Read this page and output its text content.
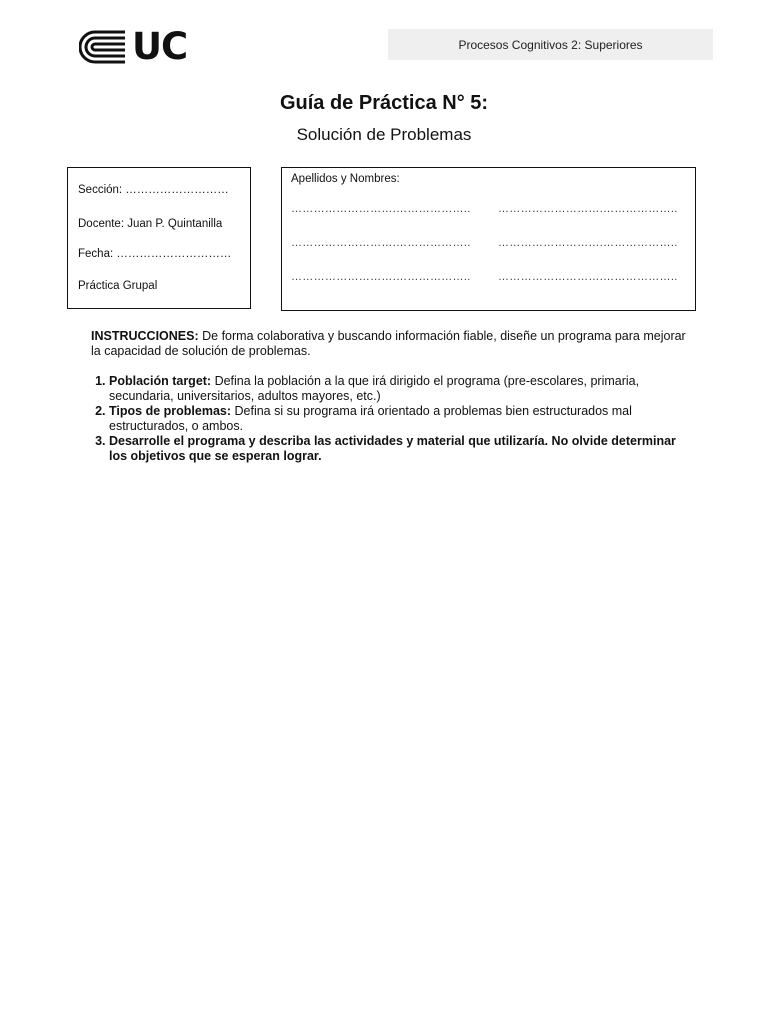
UC	Procesos Cognitivos 2: Superiores
Guía de Práctica N° 5:
Solución de Problemas
Sección: ………………………
Docente: Juan P. Quintanilla
Fecha: …………………………
Práctica Grupal
Apellidos y Nombres:
……………………….……………….. ……………………….………………..
……………………….……………….. ……………………….………………..
……………………….……………….. ……………………….………………..

INSTRUCCIONES: De forma colaborativa y buscando información fiable, diseñe un programa para mejorar la capacidad de solución de problemas.

1. Población target: Defina la población a la que irá dirigido el programa (pre-escolares, primaria, secundaria, universitarios, adultos mayores, etc.)
2. Tipos de problemas: Defina si su programa irá orientado a problemas bien estructurados mal estructurados, o ambos.
3. Desarrolle el programa y describa las actividades y material que utilizaría. No olvide determinar los objetivos que se esperan lograr.
